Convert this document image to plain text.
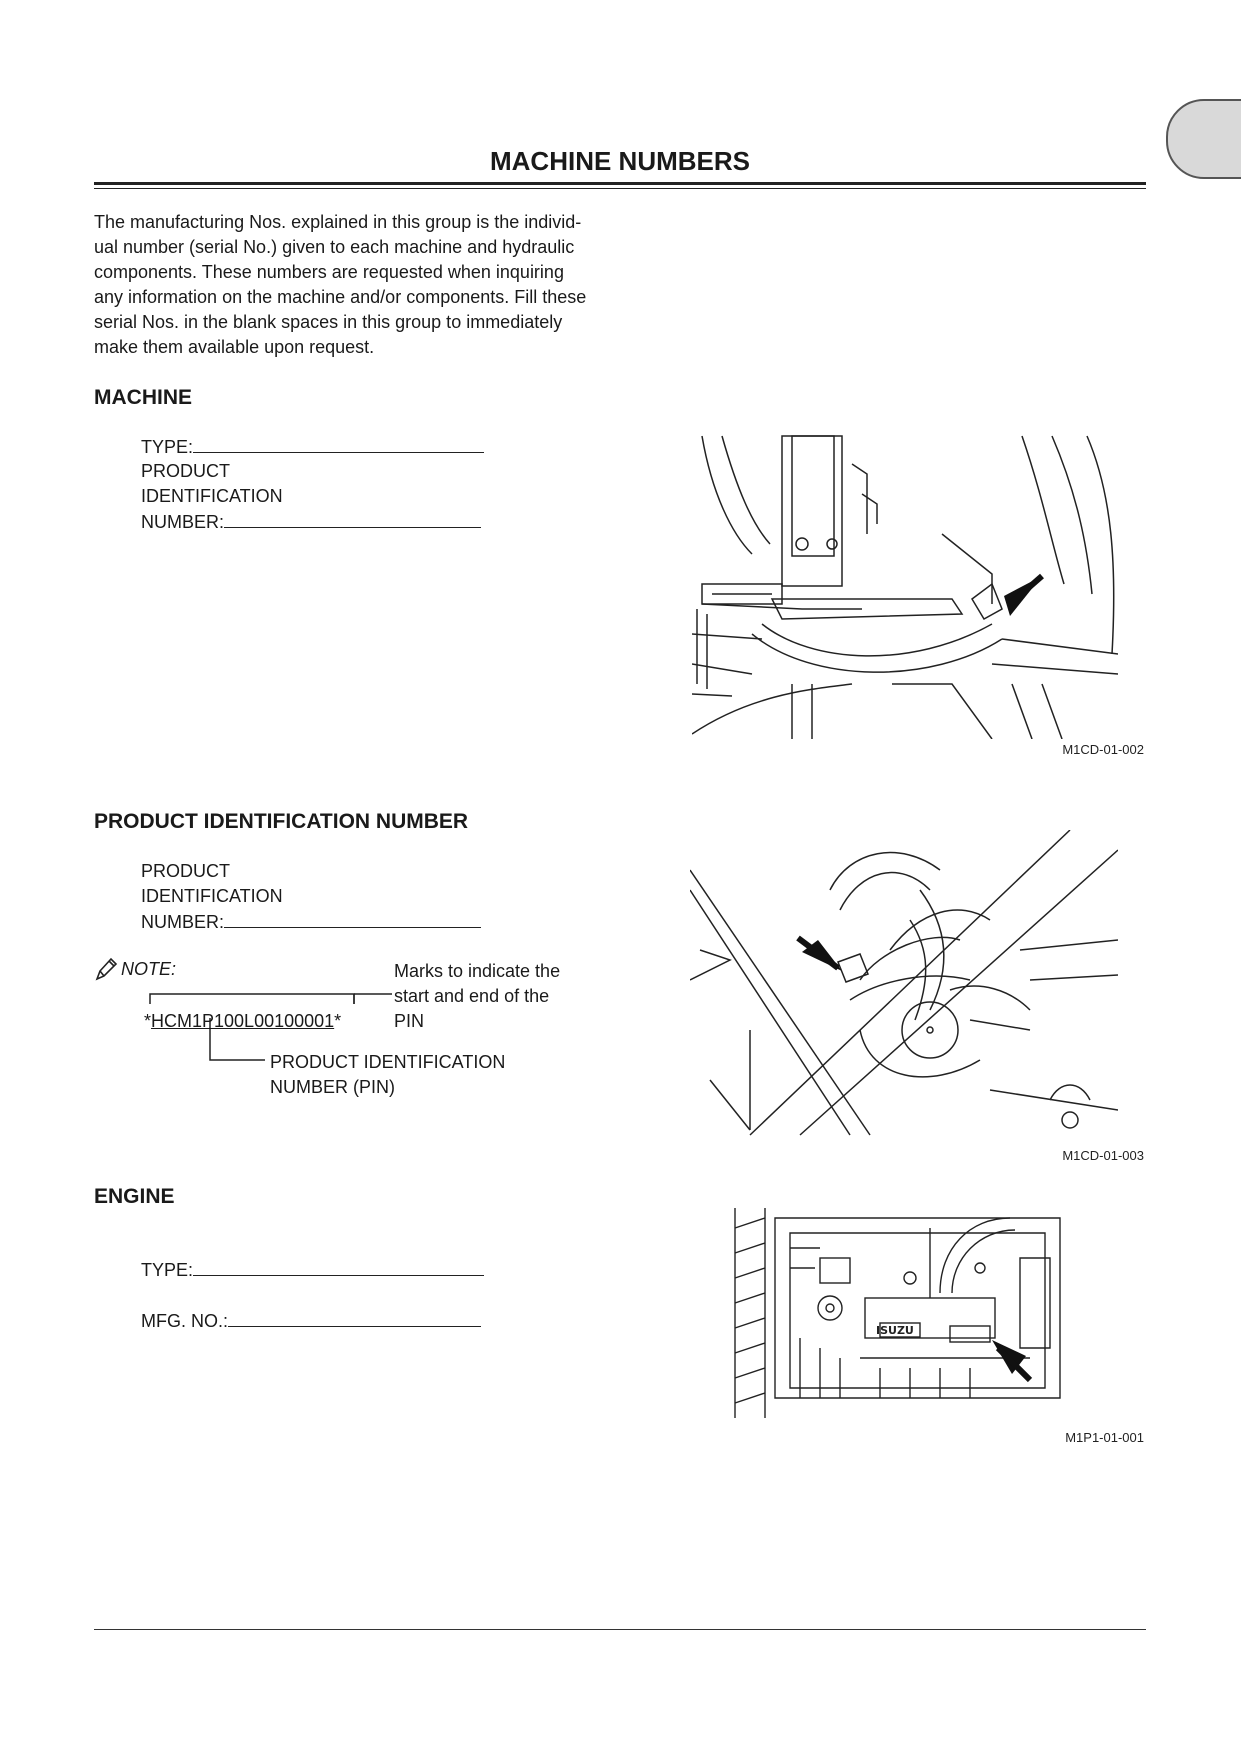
MACHINE NUMBERS

The manufacturing Nos. explained in this group is the individ-
ual number (serial No.) given to each machine and hydraulic
components. These numbers are requested when inquiring
any information on the machine and/or components. Fill these
serial Nos. in the blank spaces in this group to immediately
make them available upon request.

MACHINE
TYPE:
PRODUCT
IDENTIFICATION
NUMBER:
M1CD-01-002
PRODUCT IDENTIFICATION NUMBER
PRODUCT
IDENTIFICATION
NUMBER:
NOTE:	Marks to indicate the
start and end of the
PIN
*HCM1P100L00100001*
PRODUCT IDENTIFICATION
NUMBER (PIN)
M1CD-01-003
ENGINE
TYPE:
MFG. NO.:	ISUZU
M1P1-01-001
